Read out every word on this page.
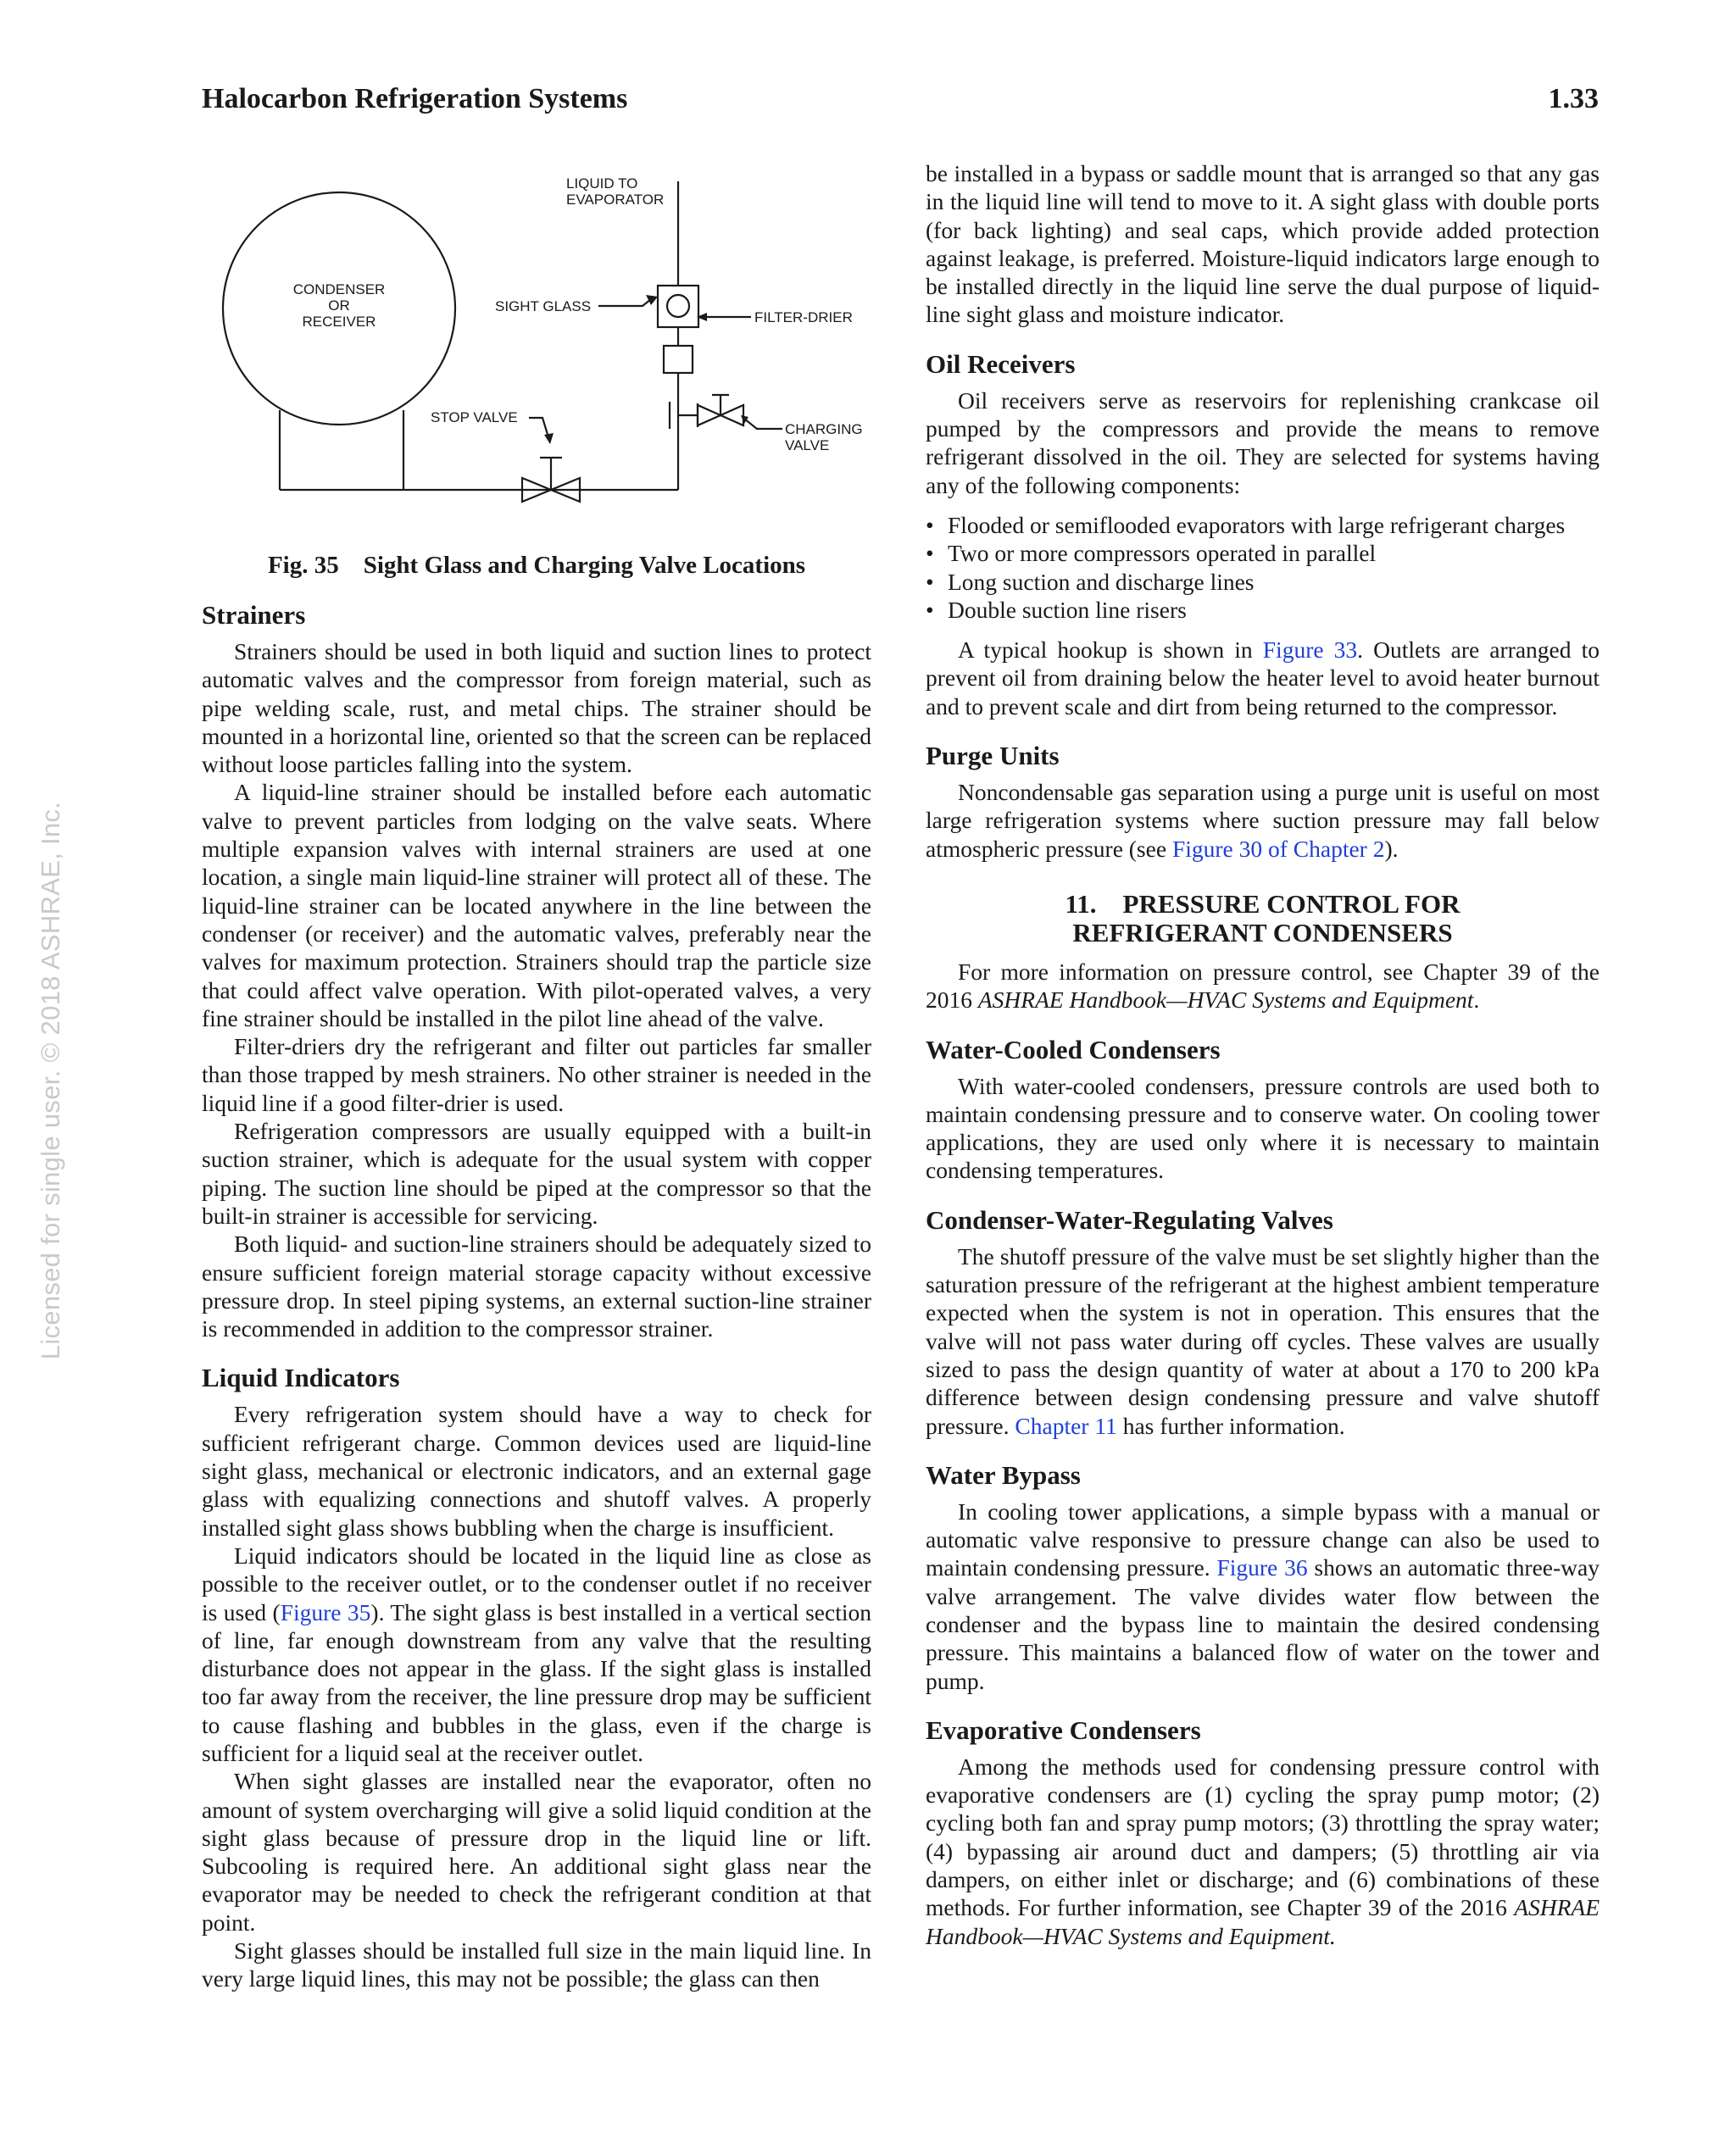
Halocarbon Refrigeration Systems	1.33
Licensed for single user. © 2018 ASHRAE, Inc.
CONDENSER
OR
RECEIVER
LIQUID TO
EVAPORATOR
SIGHT GLASS
FILTER-DRIER
STOP VALVE
CHARGING
VALVE
Fig. 35 Sight Glass and Charging Valve Locations
Strainers

Strainers should be used in both liquid and suction lines to protect automatic valves and the compressor from foreign material, such as pipe welding scale, rust, and metal chips. The strainer should be mounted in a horizontal line, oriented so that the screen can be replaced without loose particles falling into the system.

A liquid-line strainer should be installed before each automatic valve to prevent particles from lodging on the valve seats. Where multiple expansion valves with internal strainers are used at one location, a single main liquid-line strainer will protect all of these. The liquid-line strainer can be located anywhere in the line between the condenser (or receiver) and the automatic valves, preferably near the valves for maximum protection. Strainers should trap the particle size that could affect valve operation. With pilot-operated valves, a very fine strainer should be installed in the pilot line ahead of the valve.

Filter-driers dry the refrigerant and filter out particles far smaller than those trapped by mesh strainers. No other strainer is needed in the liquid line if a good filter-drier is used.

Refrigeration compressors are usually equipped with a built-in suction strainer, which is adequate for the usual system with copper piping. The suction line should be piped at the compressor so that the built-in strainer is accessible for servicing.

Both liquid- and suction-line strainers should be adequately sized to ensure sufficient foreign material storage capacity without excessive pressure drop. In steel piping systems, an external suction-line strainer is recommended in addition to the compressor strainer.

Liquid Indicators

Every refrigeration system should have a way to check for sufficient refrigerant charge. Common devices used are liquid-line sight glass, mechanical or electronic indicators, and an external gage glass with equalizing connections and shutoff valves. A properly installed sight glass shows bubbling when the charge is insufficient.

Liquid indicators should be located in the liquid line as close as possible to the receiver outlet, or to the condenser outlet if no receiver is used (Figure 35). The sight glass is best installed in a vertical section of line, far enough downstream from any valve that the resulting disturbance does not appear in the glass. If the sight glass is installed too far away from the receiver, the line pressure drop may be sufficient to cause flashing and bubbles in the glass, even if the charge is sufficient for a liquid seal at the receiver outlet.

When sight glasses are installed near the evaporator, often no amount of system overcharging will give a solid liquid condition at the sight glass because of pressure drop in the liquid line or lift. Subcooling is required here. An additional sight glass near the evaporator may be needed to check the refrigerant condition at that point.

Sight glasses should be installed full size in the main liquid line. In very large liquid lines, this may not be possible; the glass can then

be installed in a bypass or saddle mount that is arranged so that any gas in the liquid line will tend to move to it. A sight glass with double ports (for back lighting) and seal caps, which provide added protection against leakage, is preferred. Moisture-liquid indicators large enough to be installed directly in the liquid line serve the dual purpose of liquid-line sight glass and moisture indicator.

Oil Receivers

Oil receivers serve as reservoirs for replenishing crankcase oil pumped by the compressors and provide the means to remove refrigerant dissolved in the oil. They are selected for systems having any of the following components:

• Flooded or semiflooded evaporators with large refrigerant charges
• Two or more compressors operated in parallel
• Long suction and discharge lines
• Double suction line risers

A typical hookup is shown in Figure 33. Outlets are arranged to prevent oil from draining below the heater level to avoid heater burnout and to prevent scale and dirt from being returned to the compressor.

Purge Units

Noncondensable gas separation using a purge unit is useful on most large refrigeration systems where suction pressure may fall below atmospheric pressure (see Figure 30 of Chapter 2).

11. PRESSURE CONTROL FOR
REFRIGERANT CONDENSERS

For more information on pressure control, see Chapter 39 of the 2016 ASHRAE Handbook—HVAC Systems and Equipment.

Water-Cooled Condensers

With water-cooled condensers, pressure controls are used both to maintain condensing pressure and to conserve water. On cooling tower applications, they are used only where it is necessary to maintain condensing temperatures.

Condenser-Water-Regulating Valves

The shutoff pressure of the valve must be set slightly higher than the saturation pressure of the refrigerant at the highest ambient temperature expected when the system is not in operation. This ensures that the valve will not pass water during off cycles. These valves are usually sized to pass the design quantity of water at about a 170 to 200 kPa difference between design condensing pressure and valve shutoff pressure. Chapter 11 has further information.

Water Bypass

In cooling tower applications, a simple bypass with a manual or automatic valve responsive to pressure change can also be used to maintain condensing pressure. Figure 36 shows an automatic three-way valve arrangement. The valve divides water flow between the condenser and the bypass line to maintain the desired condensing pressure. This maintains a balanced flow of water on the tower and pump.

Evaporative Condensers

Among the methods used for condensing pressure control with evaporative condensers are (1) cycling the spray pump motor; (2) cycling both fan and spray pump motors; (3) throttling the spray water; (4) bypassing air around duct and dampers; (5) throttling air via dampers, on either inlet or discharge; and (6) combinations of these methods. For further information, see Chapter 39 of the 2016 ASHRAE Handbook—HVAC Systems and Equipment.
